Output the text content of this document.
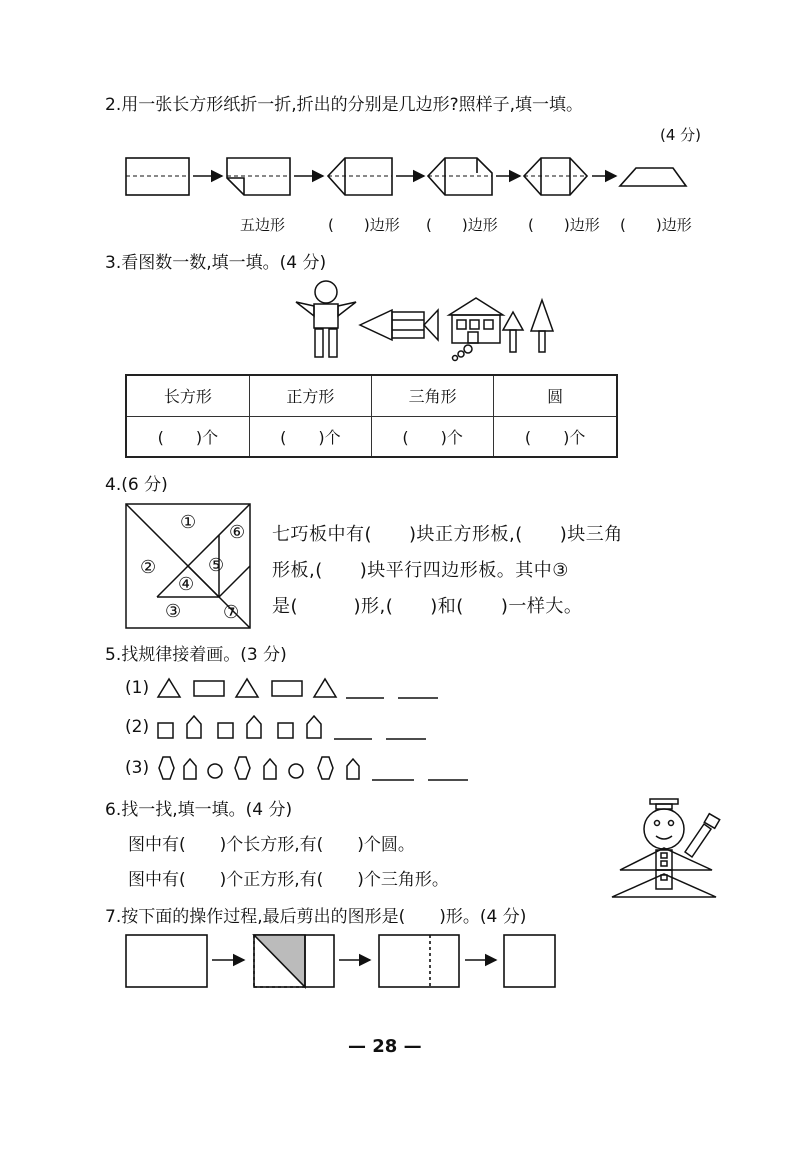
2.用一张长方形纸折一折,折出的分别是几边形?照样子,填一填。
(4 分)
五边形	(　　)边形 (　　)边形 (　　)边形 (　　)边形
3.看图数一数,填一填。(4 分)
长方形	正方形	三角形	圆
(　　)个	(　　)个	(　　)个	(　　)个
4.(6 分)
①
②
③
④
⑤
⑥
⑦
七巧板中有(　　)块正方形板,(　　)块三角
形板,(　　)块平行四边形板。其中③
是(　　　)形,(　　)和(　　)一样大。
5.找规律接着画。(3 分)
(1)
(2)
(3)
6.找一找,填一填。(4 分)
图中有(　　)个长方形,有(　　)个圆。
图中有(　　)个正方形,有(　　)个三角形。
7.按下面的操作过程,最后剪出的图形是(　　)形。(4 分)
— 28 —
